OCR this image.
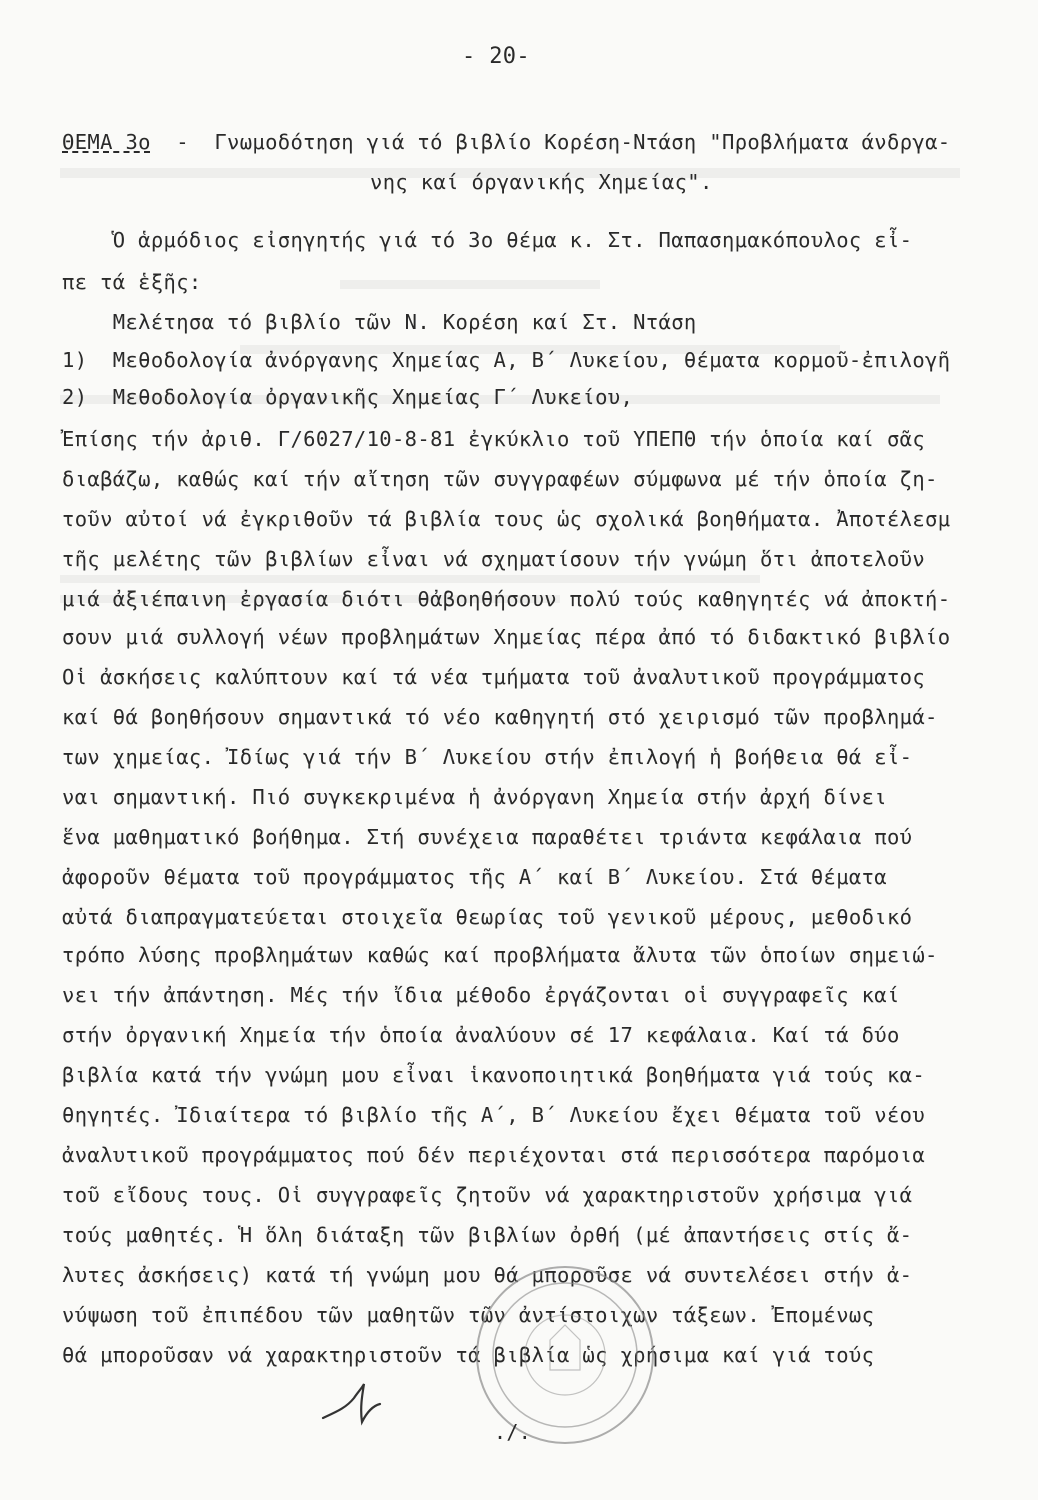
- 20-
ΘΕΜΑ 3ο  -  Γνωμοδότηση γιά τό βιβλίο Κορέση-Ντάση "Προβλήματα άνδργα-
νης καί όργανικής Χημείας".
Ὁ ἁρμόδιος εἰσηγητής γιά τό 3ο θέμα κ. Στ. Παπασημακόπουλος εἶ-
πε τά ἑξῆς:
Μελέτησα τό βιβλίο τῶν Ν. Κορέση καί Στ. Ντάση
1)  Μεθοδολογία ἀνόργανης Χημείας Α, Β΄ Λυκείου, θέματα κορμοῦ-ἐπιλογῆ
2)  Μεθοδολογία ὀργανικῆς Χημείας Γ΄ Λυκείου,
Ἐπίσης τήν ἀριθ. Γ/6027/10-8-81 ἐγκύκλιο τοῦ ΥΠΕΠΘ τήν ὁποία καί σᾶς
διαβάζω, καθώς καί τήν αἴτηση τῶν συγγραφέων σύμφωνα μέ τήν ὁποία ζη-
τοῦν αὐτοί νά ἐγκριθοῦν τά βιβλία τους ὡς σχολικά βοηθήματα. Ἀποτέλεσμ
τῆς μελέτης τῶν βιβλίων εἶναι νά σχηματίσουν τήν γνώμη ὅτι ἀποτελοῦν
μιά ἀξιέπαινη ἐργασία διότι θἀβοηθήσουν πολύ τούς καθηγητές νά ἀποκτή-
σουν μιά συλλογή νέων προβλημάτων Χημείας πέρα ἀπό τό διδακτικό βιβλίο
Οἱ ἀσκήσεις καλύπτουν καί τά νέα τμήματα τοῦ ἀναλυτικοῦ προγράμματος
καί θά βοηθήσουν σημαντικά τό νέο καθηγητή στό χειρισμό τῶν προβλημά-
των χημείας. Ἰδίως γιά τήν Β΄ Λυκείου στήν ἐπιλογή ἡ βοήθεια θά εἶ-
ναι σημαντική. Πιό συγκεκριμένα ἡ ἀνόργανη Χημεία στήν ἀρχή δίνει
ἕνα μαθηματικό βοήθημα. Στή συνέχεια παραθέτει τριάντα κεφάλαια πού
ἀφοροῦν θέματα τοῦ προγράμματος τῆς Α΄ καί Β΄ Λυκείου. Στά θέματα
αὐτά διαπραγματεύεται στοιχεῖα θεωρίας τοῦ γενικοῦ μέρους, μεθοδικό
τρόπο λύσης προβλημάτων καθώς καί προβλήματα ἄλυτα τῶν ὁποίων σημειώ-
νει τήν ἀπάντηση. Μές τήν ἴδια μέθοδο ἐργάζονται οἱ συγγραφεῖς καί
στήν ὀργανική Χημεία τήν ὁποία ἀναλύουν σέ 17 κεφάλαια. Καί τά δύο
βιβλία κατά τήν γνώμη μου εἶναι ἱκανοποιητικά βοηθήματα γιά τούς κα-
θηγητές. Ἰδιαίτερα τό βιβλίο τῆς Α΄, Β΄ Λυκείου ἔχει θέματα τοῦ νέου
ἀναλυτικοῦ προγράμματος πού δέν περιέχονται στά περισσότερα παρόμοια
τοῦ εἴδους τους. Οἱ συγγραφεῖς ζητοῦν νά χαρακτηριστοῦν χρήσιμα γιά
τούς μαθητές. Ἡ ὅλη διάταξη τῶν βιβλίων ὀρθή (μέ ἀπαντήσεις στίς ἄ-
λυτες ἀσκήσεις) κατά τή γνώμη μου θά μποροῦσε νά συντελέσει στήν ἀ-
νύψωση τοῦ ἐπιπέδου τῶν μαθητῶν τῶν ἀντίστοιχων τάξεων. Ἐπομένως
θά μποροῦσαν νά χαρακτηριστοῦν τά βιβλία ὡς χρήσιμα καί γιά τούς
./.
